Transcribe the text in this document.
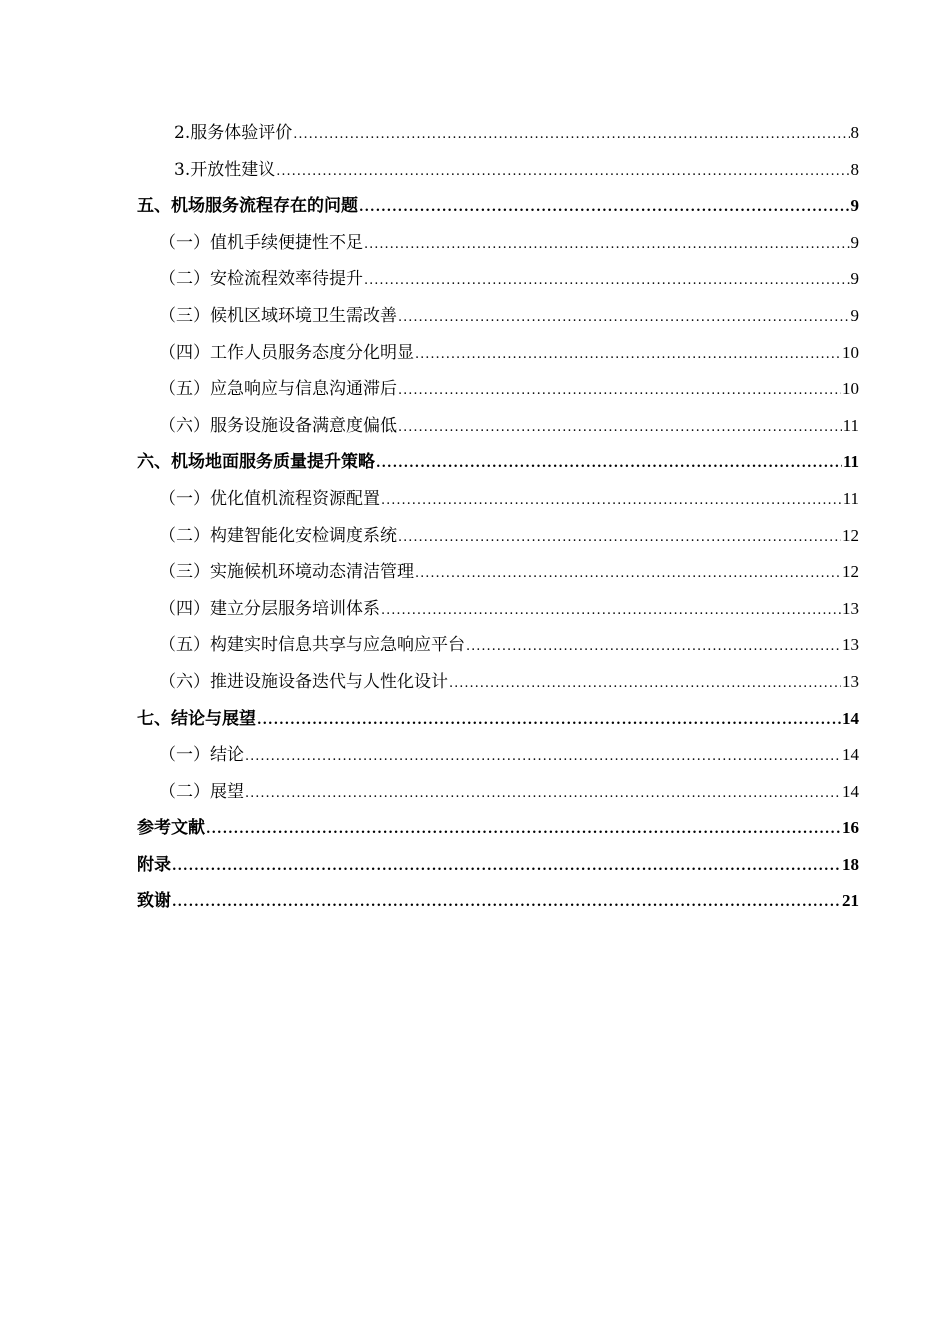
2.服务体验评价 .....	8
3.开放性建议 .....	8
五、机场服务流程存在的问题 .....	9
（一）值机手续便捷性不足 .....	9
（二）安检流程效率待提升 .....	9
（三）候机区域环境卫生需改善 .....	9
（四）工作人员服务态度分化明显 .....	10
（五）应急响应与信息沟通滞后 .....	10
（六）服务设施设备满意度偏低 .....	11
六、机场地面服务质量提升策略 .....	11
（一）优化值机流程资源配置 .....	11
（二）构建智能化安检调度系统 .....	12
（三）实施候机环境动态清洁管理 .....	12
（四）建立分层服务培训体系 .....	13
（五）构建实时信息共享与应急响应平台 .....	13
（六）推进设施设备迭代与人性化设计 .....	13
七、结论与展望 .....	14
（一）结论 .....	14
（二）展望 .....	14
参考文献 .....	16
附录 .....	18
致谢 .....	21
